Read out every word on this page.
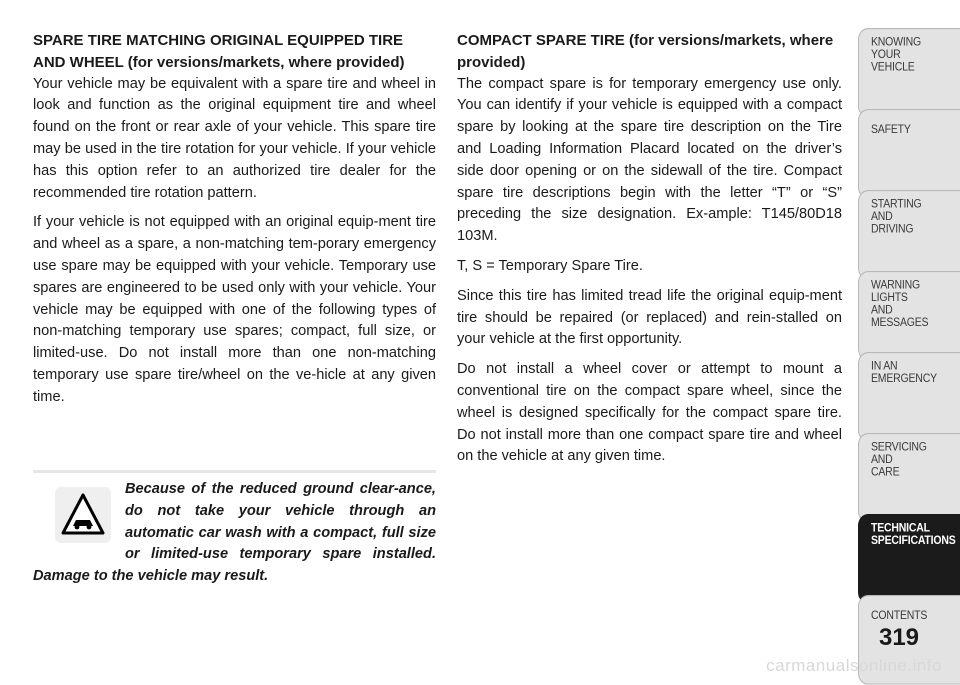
SPARE TIRE MATCHING ORIGINAL EQUIPPED TIRE AND WHEEL (for versions/markets, where provided)

Your vehicle may be equivalent with a spare tire and wheel in look and function as the original equipment tire and wheel found on the front or rear axle of your vehicle. This spare tire may be used in the tire rotation for your vehicle. If your vehicle has this option refer to an authorized tire dealer for the recommended tire rotation pattern.

If your vehicle is not equipped with an original equip-ment tire and wheel as a spare, a non-matching tem-porary emergency use spare may be equipped with your vehicle. Temporary use spares are engineered to be used only with your vehicle. Your vehicle may be equipped with one of the following types of non-matching temporary use spares; compact, full size, or limited-use. Do not install more than one non-matching temporary use spare tire/wheel on the ve-hicle at any given time.

Because of the reduced ground clear-ance, do not take your vehicle through an automatic car wash with a compact, full size or limited-use temporary spare installed. Damage to the vehicle may result.
COMPACT SPARE TIRE (for versions/markets, where provided)

The compact spare is for temporary emergency use only. You can identify if your vehicle is equipped with a compact spare by looking at the spare tire description on the Tire and Loading Information Placard located on the driver’s side door opening or on the sidewall of the tire. Compact spare tire descriptions begin with the letter “T” or “S” preceding the size designation. Ex-ample: T145/80D18 103M.

T, S = Temporary Spare Tire.

Since this tire has limited tread life the original equip-ment tire should be repaired (or replaced) and rein-stalled on your vehicle at the first opportunity.

Do not install a wheel cover or attempt to mount a conventional tire on the compact spare wheel, since the wheel is designed specifically for the compact spare tire. Do not install more than one compact spare tire and wheel on the vehicle at any given time.

KNOWING
YOUR
VEHICLE
SAFETY
STARTING
AND
DRIVING
WARNING
LIGHTS
AND
MESSAGES
IN AN
EMERGENCY
SERVICING
AND
CARE
TECHNICAL
SPECIFICATIONS
CONTENTS
319
carmanualsonline.info
